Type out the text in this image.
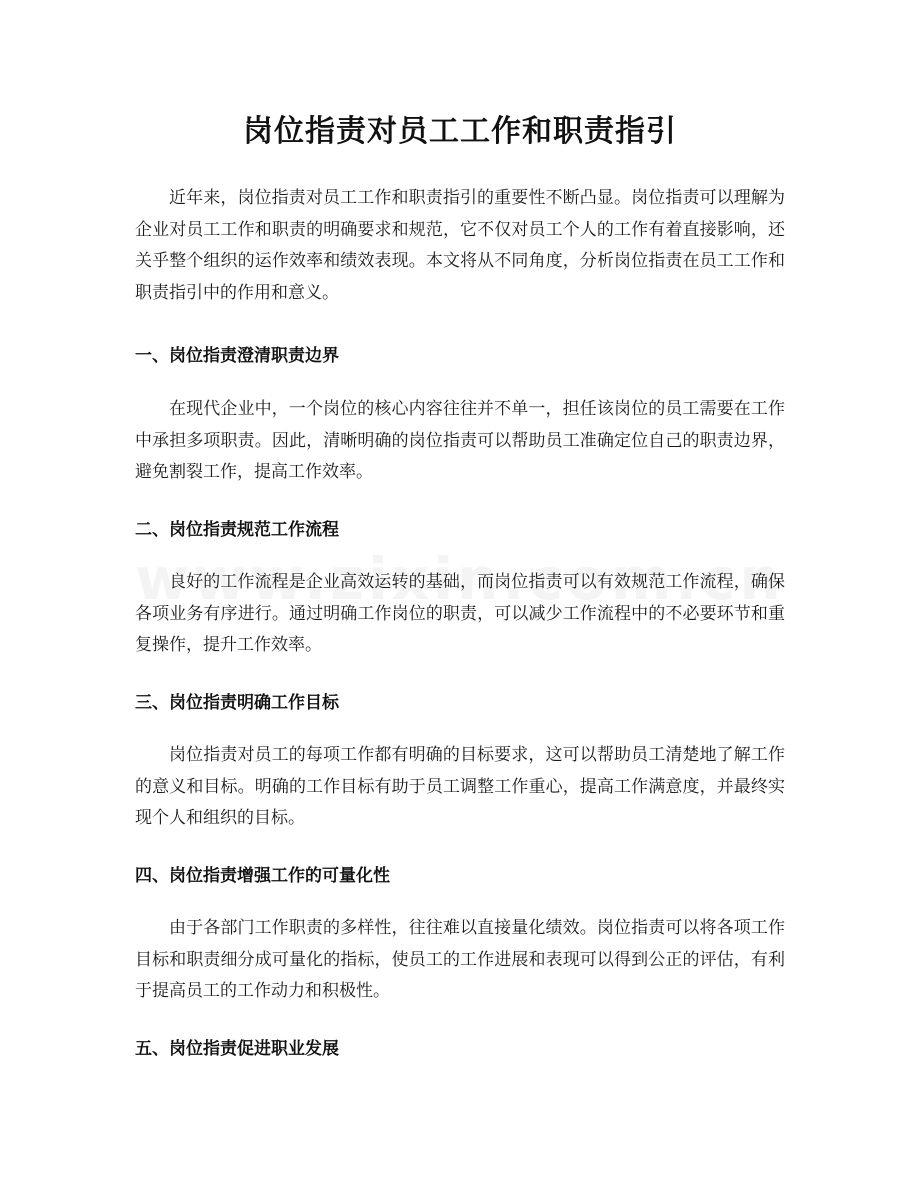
岗位指责对员工工作和职责指引

近年来，岗位指责对员工工作和职责指引的重要性不断凸显。岗位指责可以理解为企业对员工工作和职责的明确要求和规范，它不仅对员工个人的工作有着直接影响，还关乎整个组织的运作效率和绩效表现。本文将从不同角度，分析岗位指责在员工工作和职责指引中的作用和意义。

一、岗位指责澄清职责边界

在现代企业中，一个岗位的核心内容往往并不单一，担任该岗位的员工需要在工作中承担多项职责。因此，清晰明确的岗位指责可以帮助员工准确定位自己的职责边界，避免割裂工作，提高工作效率。

二、岗位指责规范工作流程

良好的工作流程是企业高效运转的基础，而岗位指责可以有效规范工作流程，确保各项业务有序进行。通过明确工作岗位的职责，可以减少工作流程中的不必要环节和重复操作，提升工作效率。

三、岗位指责明确工作目标

岗位指责对员工的每项工作都有明确的目标要求，这可以帮助员工清楚地了解工作的意义和目标。明确的工作目标有助于员工调整工作重心，提高工作满意度，并最终实现个人和组织的目标。

四、岗位指责增强工作的可量化性

由于各部门工作职责的多样性，往往难以直接量化绩效。岗位指责可以将各项工作目标和职责细分成可量化的指标，使员工的工作进展和表现可以得到公正的评估，有利于提高员工的工作动力和积极性。

五、岗位指责促进职业发展
